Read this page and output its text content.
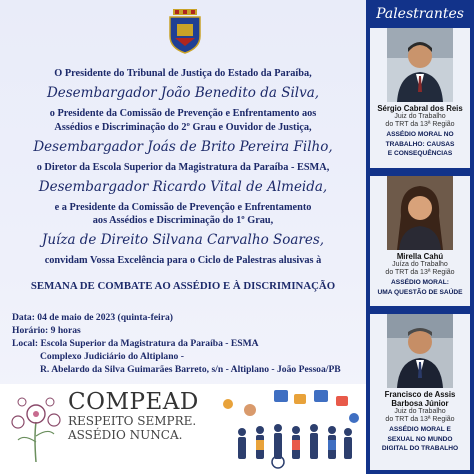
O Presidente do Tribunal de Justiça do Estado da Paraíba,
Desembargador João Benedito da Silva,
o Presidente da Comissão de Prevenção e Enfrentamento aos
Assédios e Discriminação do 2º Grau e Ouvidor de Justiça,
Desembargador Joás de Brito Pereira Filho,
o Diretor da Escola Superior da Magistratura da Paraíba - ESMA,
Desembargador Ricardo Vital de Almeida,
e a Presidente da Comissão de Prevenção e Enfrentamento
aos Assédios e Discriminação do 1º Grau,
Juíza de Direito Silvana Carvalho Soares,
convidam Vossa Excelência para o Ciclo de Palestras alusivas à
SEMANA DE COMBATE AO ASSÉDIO E À DISCRIMINAÇÃO
Data: 04 de maio de 2023 (quinta-feira)
Horário: 9 horas
Local: Escola Superior da Magistratura da Paraíba - ESMA
Complexo Judiciário do Altiplano -
R. Abelardo da Silva Guimarães Barreto, s/n - Altiplano - João Pessoa/PB
COMPEAD
RESPEITO SEMPRE.
ASSÉDIO NUNCA.
Palestrantes
Sérgio Cabral dos Reis
Juiz do Trabalho
do TRT da 13ª Região
ASSÉDIO MORAL NO
TRABALHO: CAUSAS
E CONSEQUÊNCIAS
Mirella Cahú
Juíza do Trabalho
do TRT da 13ª Região
ASSÉDIO MORAL:
UMA QUESTÃO DE SAÚDE
Francisco de Assis
Barbosa Júnior
Juiz do Trabalho
do TRT da 13ª Região
ASSÉDIO MORAL E
SEXUAL NO MUNDO
DIGITAL DO TRABALHO
